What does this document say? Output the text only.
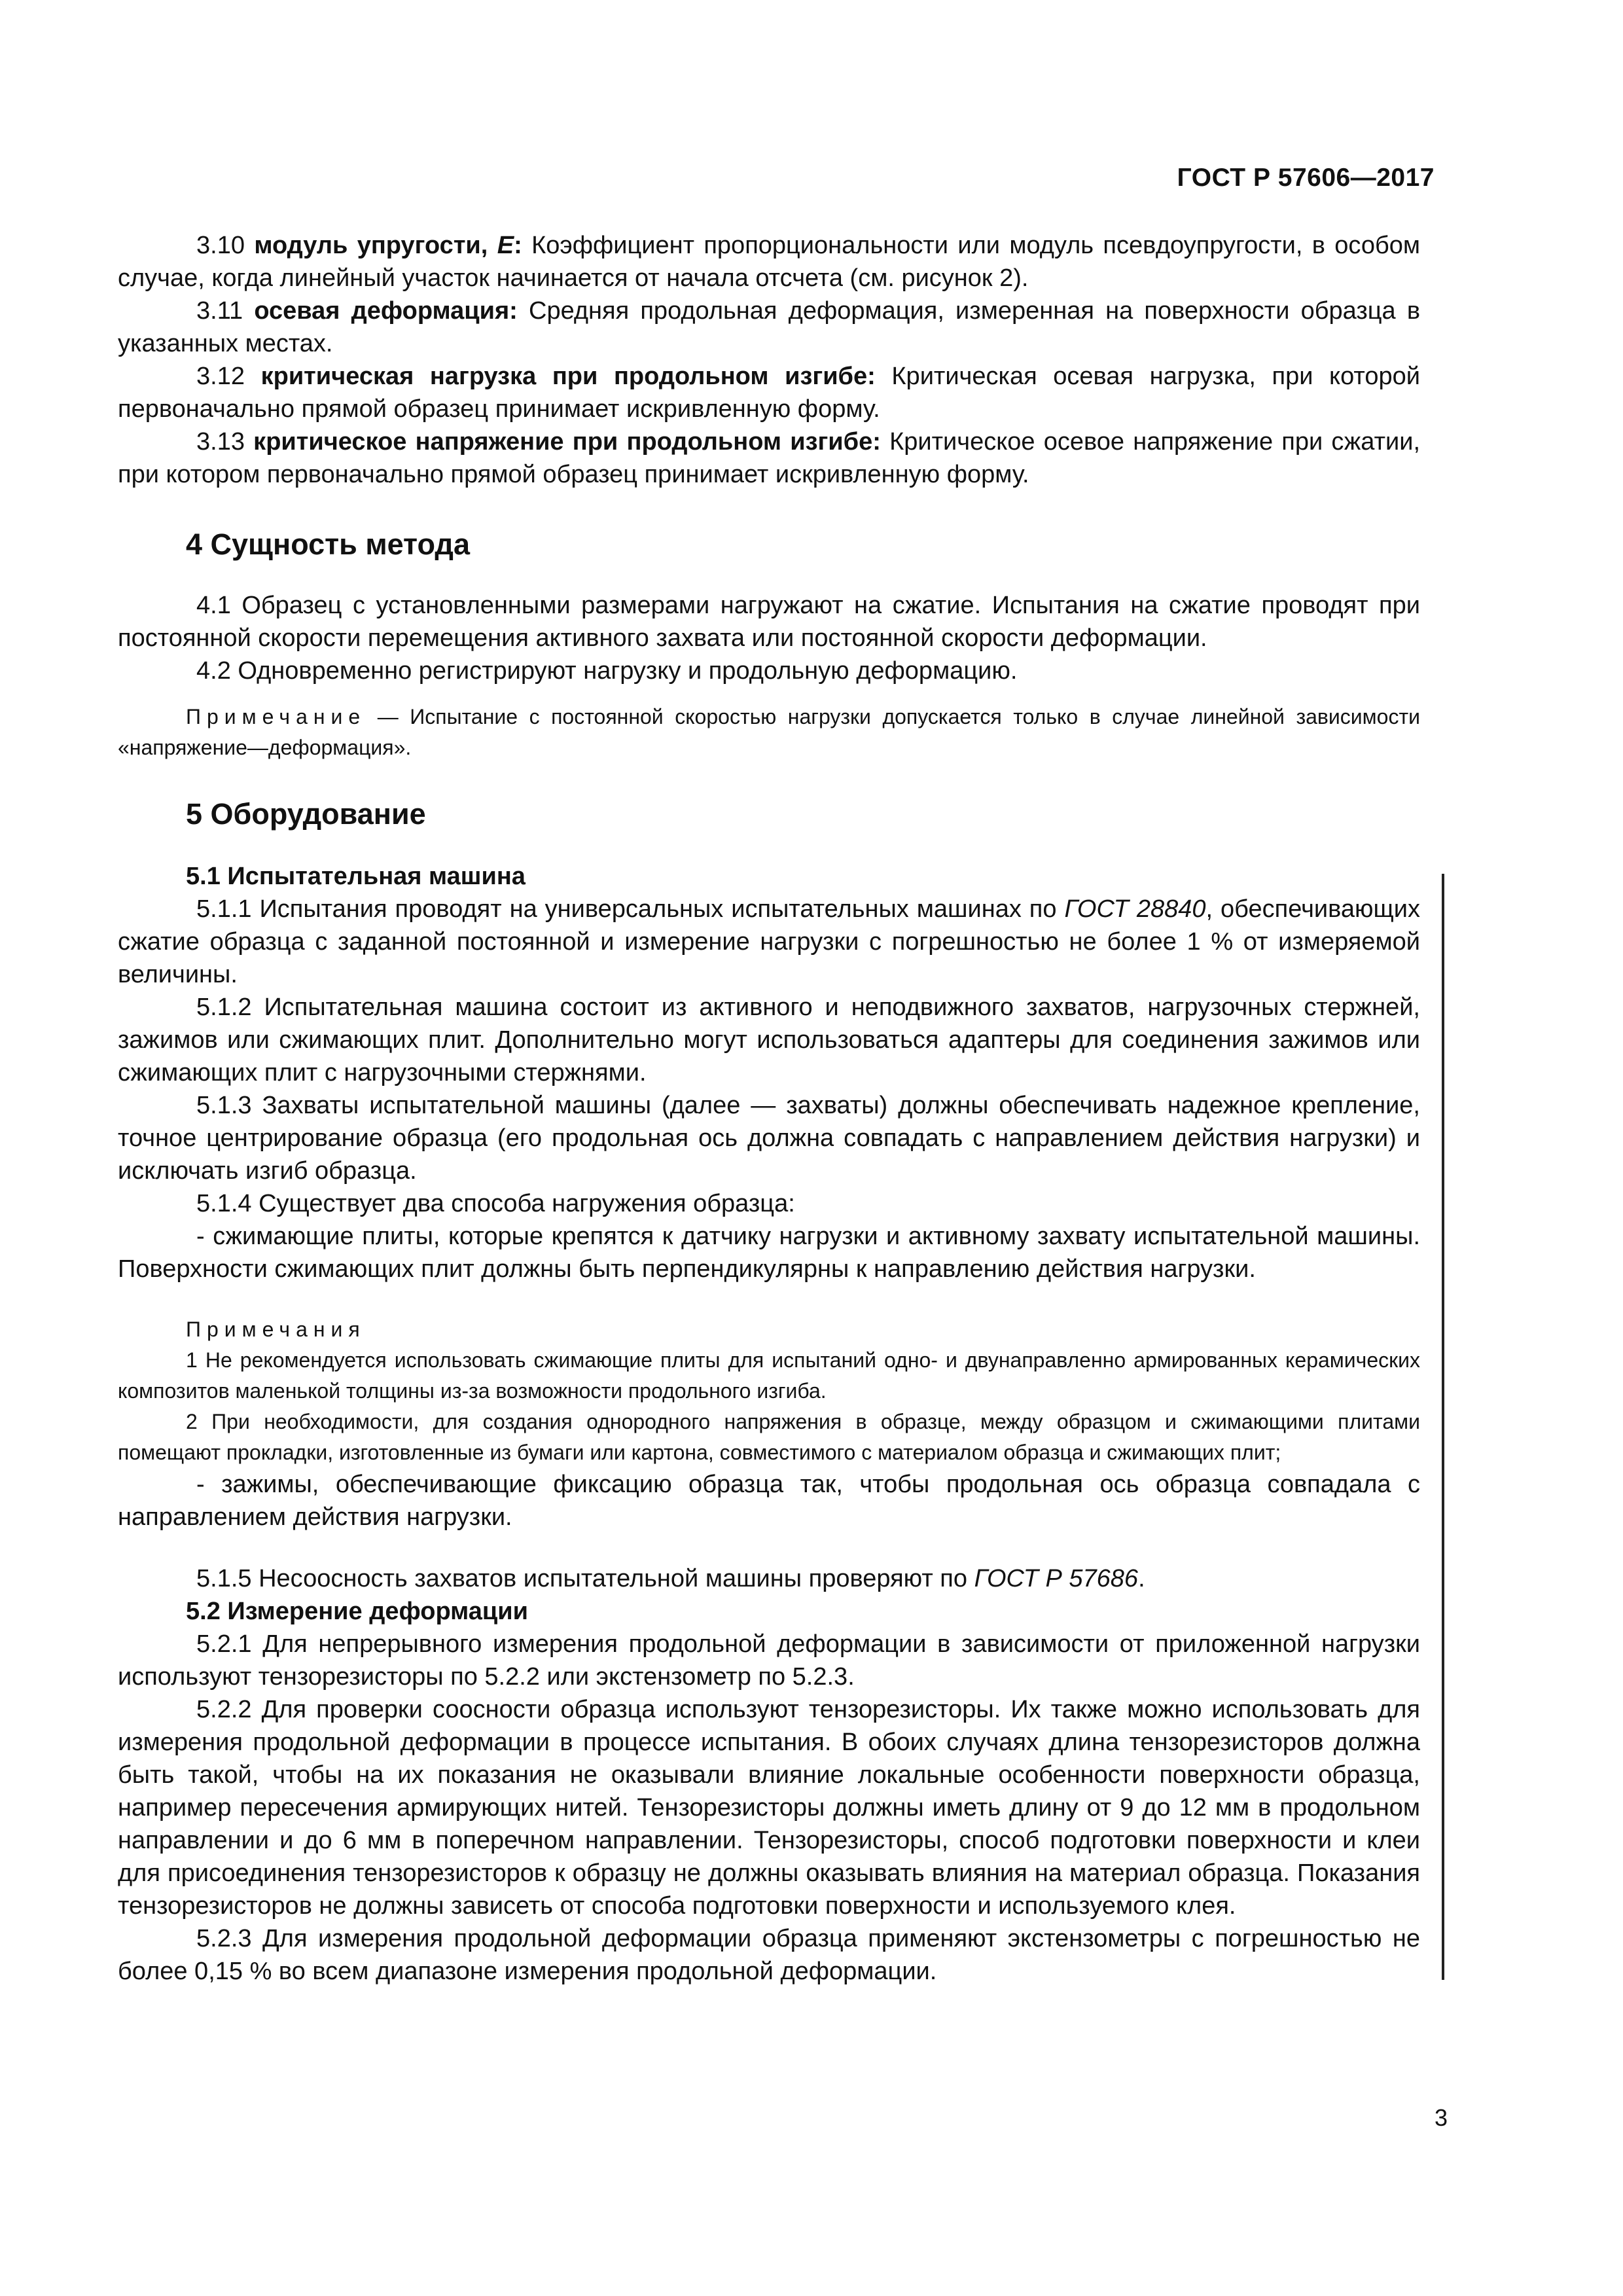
ГОСТ Р 57606—2017

3.10 модуль упругости, E: Коэффициент пропорциональности или модуль псевдоупругости, в особом случае, когда линейный участок начинается от начала отсчета (см. рисунок 2).

3.11 осевая деформация: Средняя продольная деформация, измеренная на поверхности образца в указанных местах.

3.12 критическая нагрузка при продольном изгибе: Критическая осевая нагрузка, при которой первоначально прямой образец принимает искривленную форму.

3.13 критическое напряжение при продольном изгибе: Критическое осевое напряжение при сжатии, при котором первоначально прямой образец принимает искривленную форму.

4 Сущность метода

4.1 Образец с установленными размерами нагружают на сжатие. Испытания на сжатие проводят при постоянной скорости перемещения активного захвата или постоянной скорости деформации.

4.2 Одновременно регистрируют нагрузку и продольную деформацию.

Примечание — Испытание с постоянной скоростью нагрузки допускается только в случае линейной зависимости «напряжение—деформация».

5 Оборудование

5.1 Испытательная машина

5.1.1 Испытания проводят на универсальных испытательных машинах по ГОСТ 28840, обеспечивающих сжатие образца с заданной постоянной и измерение нагрузки с погрешностью не более 1 % от измеряемой величины.

5.1.2 Испытательная машина состоит из активного и неподвижного захватов, нагрузочных стержней, зажимов или сжимающих плит. Дополнительно могут использоваться адаптеры для соединения зажимов или сжимающих плит с нагрузочными стержнями.

5.1.3 Захваты испытательной машины (далее — захваты) должны обеспечивать надежное крепление, точное центрирование образца (его продольная ось должна совпадать с направлением действия нагрузки) и исключать изгиб образца.

5.1.4 Существует два способа нагружения образца:

- сжимающие плиты, которые крепятся к датчику нагрузки и активному захвату испытательной машины. Поверхности сжимающих плит должны быть перпендикулярны к направлению действия нагрузки.

Примечания

1 Не рекомендуется использовать сжимающие плиты для испытаний одно- и двунаправленно армированных керамических композитов маленькой толщины из-за возможности продольного изгиба.

2 При необходимости, для создания однородного напряжения в образце, между образцом и сжимающими плитами помещают прокладки, изготовленные из бумаги или картона, совместимого с материалом образца и сжимающих плит;

- зажимы, обеспечивающие фиксацию образца так, чтобы продольная ось образца совпадала с направлением действия нагрузки.

5.1.5 Несоосность захватов испытательной машины проверяют по ГОСТ Р 57686.

5.2 Измерение деформации

5.2.1 Для непрерывного измерения продольной деформации в зависимости от приложенной нагрузки используют тензорезисторы по 5.2.2 или экстензометр по 5.2.3.

5.2.2 Для проверки соосности образца используют тензорезисторы. Их также можно использовать для измерения продольной деформации в процессе испытания. В обоих случаях длина тензорезисторов должна быть такой, чтобы на их показания не оказывали влияние локальные особенности поверхности образца, например пересечения армирующих нитей. Тензорезисторы должны иметь длину от 9 до 12 мм в продольном направлении и до 6 мм в поперечном направлении. Тензорезисторы, способ подготовки поверхности и клеи для присоединения тензорезисторов к образцу не должны оказывать влияния на материал образца. Показания тензорезисторов не должны зависеть от способа подготовки поверхности и используемого клея.

5.2.3 Для измерения продольной деформации образца применяют экстензометры с погрешностью не более 0,15 % во всем диапазоне измерения продольной деформации.

3
